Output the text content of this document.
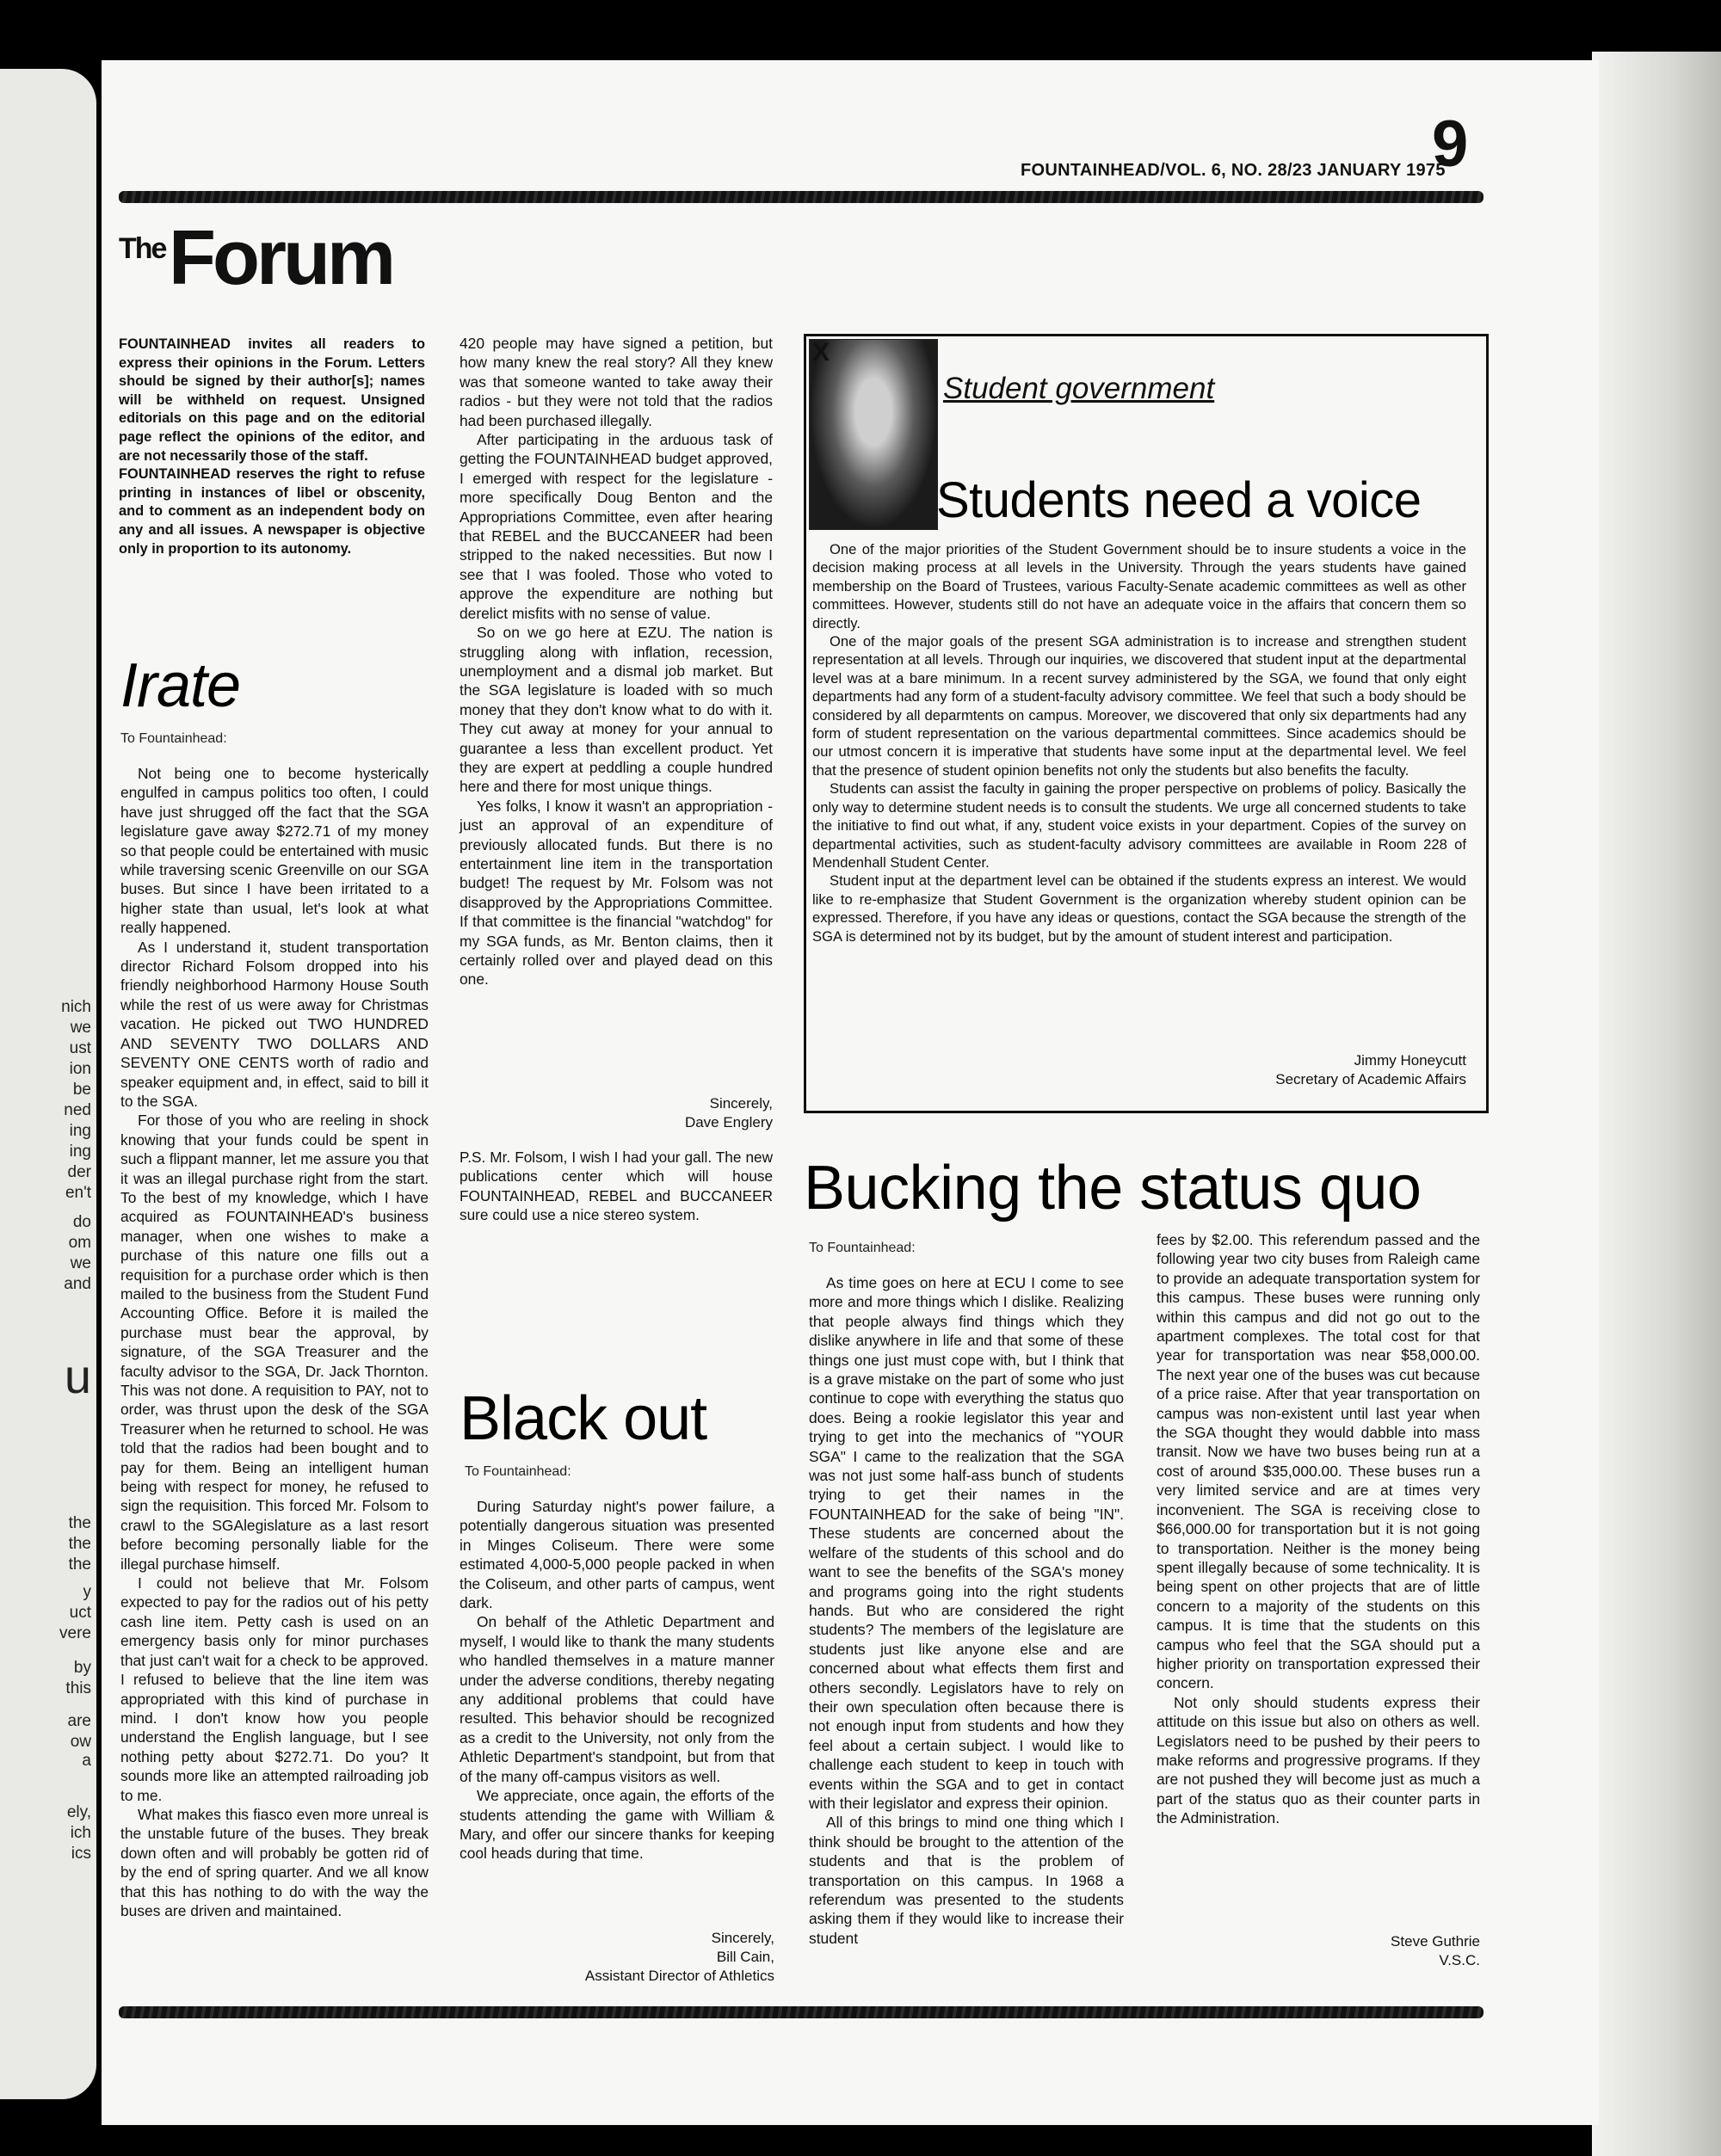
nich
we
ust
ion
be
ned
ing
ing
der
en't
do
om
we
and
u
the
the
the
y
uct
vere
by
this
are
ow
a
ely,
ich
ics
FOUNTAINHEAD/VOL. 6, NO. 28/23 JANUARY 1975
9
The Forum

FOUNTAINHEAD invites all readers to express their opinions in the Forum. Letters should be signed by their author[s]; names will be withheld on request. Unsigned editorials on this page and on the editorial page reflect the opinions of the editor, and are not necessarily those of the staff.

FOUNTAINHEAD reserves the right to refuse printing in instances of libel or obscenity, and to comment as an independent body on any and all issues. A newspaper is objective only in proportion to its autonomy.

Irate
To Fountainhead:

Not being one to become hysterically engulfed in campus politics too often, I could have just shrugged off the fact that the SGA legislature gave away $272.71 of my money so that people could be entertained with music while traversing scenic Greenville on our SGA buses. But since I have been irritated to a higher state than usual, let's look at what really happened.

As I understand it, student transportation director Richard Folsom dropped into his friendly neighborhood Harmony House South while the rest of us were away for Christmas vacation. He picked out TWO HUNDRED AND SEVENTY TWO DOLLARS AND SEVENTY ONE CENTS worth of radio and speaker equipment and, in effect, said to bill it to the SGA.

For those of you who are reeling in shock knowing that your funds could be spent in such a flippant manner, let me assure you that it was an illegal purchase right from the start. To the best of my knowledge, which I have acquired as FOUNTAINHEAD's business manager, when one wishes to make a purchase of this nature one fills out a requisition for a purchase order which is then mailed to the business from the Student Fund Accounting Office. Before it is mailed the purchase must bear the approval, by signature, of the SGA Treasurer and the faculty advisor to the SGA, Dr. Jack Thornton. This was not done. A requisition to PAY, not to order, was thrust upon the desk of the SGA Treasurer when he returned to school. He was told that the radios had been bought and to pay for them. Being an intelligent human being with respect for money, he refused to sign the requisition. This forced Mr. Folsom to crawl to the SGAlegislature as a last resort before becoming personally liable for the illegal purchase himself.

I could not believe that Mr. Folsom expected to pay for the radios out of his petty cash line item. Petty cash is used on an emergency basis only for minor purchases that just can't wait for a check to be approved. I refused to believe that the line item was appropriated with this kind of purchase in mind. I don't know how you people understand the English language, but I see nothing petty about $272.71. Do you? It sounds more like an attempted railroading job to me.

What makes this fiasco even more unreal is the unstable future of the buses. They break down often and will probably be gotten rid of by the end of spring quarter. And we all know that this has nothing to do with the way the buses are driven and maintained.

420 people may have signed a petition, but how many knew the real story? All they knew was that someone wanted to take away their radios - but they were not told that the radios had been purchased illegally.

After participating in the arduous task of getting the FOUNTAINHEAD budget approved, I emerged with respect for the legislature - more specifically Doug Benton and the Appropriations Committee, even after hearing that REBEL and the BUCCANEER had been stripped to the naked necessities. But now I see that I was fooled. Those who voted to approve the expenditure are nothing but derelict misfits with no sense of value.

So on we go here at EZU. The nation is struggling along with inflation, recession, unemployment and a dismal job market. But the SGA legislature is loaded with so much money that they don't know what to do with it. They cut away at money for your annual to guarantee a less than excellent product. Yet they are expert at peddling a couple hundred here and there for most unique things.

Yes folks, I know it wasn't an appropriation - just an approval of an expenditure of previously allocated funds. But there is no entertainment line item in the transportation budget! The request by Mr. Folsom was not disapproved by the Appropriations Committee. If that committee is the financial "watchdog" for my SGA funds, as Mr. Benton claims, then it certainly rolled over and played dead on this one.

Sincerely,
Dave Englery

P.S. Mr. Folsom, I wish I had your gall. The new publications center which will house FOUNTAINHEAD, REBEL and BUCCANEER sure could use a nice stereo system.

Black out
To Fountainhead:

During Saturday night's power failure, a potentially dangerous situation was presented in Minges Coliseum. There were some estimated 4,000-5,000 people packed in when the Coliseum, and other parts of campus, went dark.

On behalf of the Athletic Department and myself, I would like to thank the many students who handled themselves in a mature manner under the adverse conditions, thereby negating any additional problems that could have resulted. This behavior should be recognized as a credit to the University, not only from the Athletic Department's standpoint, but from that of the many off-campus visitors as well.

We appreciate, once again, the efforts of the students attending the game with William & Mary, and offer our sincere thanks for keeping cool heads during that time.

Sincerely,
Bill Cain,
Assistant Director of Athletics
X
Student government
Students need a voice

One of the major priorities of the Student Government should be to insure students a voice in the decision making process at all levels in the University. Through the years students have gained membership on the Board of Trustees, various Faculty-Senate academic committees as well as other committees. However, students still do not have an adequate voice in the affairs that concern them so directly.

One of the major goals of the present SGA administration is to increase and strengthen student representation at all levels. Through our inquiries, we discovered that student input at the departmental level was at a bare minimum. In a recent survey administered by the SGA, we found that only eight departments had any form of a student-faculty advisory committee. We feel that such a body should be considered by all deparmtents on campus. Moreover, we discovered that only six departments had any form of student representation on the various departmental committees. Since academics should be our utmost concern it is imperative that students have some input at the departmental level. We feel that the presence of student opinion benefits not only the students but also benefits the faculty.

Students can assist the faculty in gaining the proper perspective on problems of policy. Basically the only way to determine student needs is to consult the students. We urge all concerned students to take the initiative to find out what, if any, student voice exists in your department. Copies of the survey on departmental activities, such as student-faculty advisory committees are available in Room 228 of Mendenhall Student Center.

Student input at the department level can be obtained if the students express an interest. We would like to re-emphasize that Student Government is the organization whereby student opinion can be expressed. Therefore, if you have any ideas or questions, contact the SGA because the strength of the SGA is determined not by its budget, but by the amount of student interest and participation.

Jimmy Honeycutt
Secretary of Academic Affairs
Bucking the status quo
To Fountainhead:

As time goes on here at ECU I come to see more and more things which I dislike. Realizing that people always find things which they dislike anywhere in life and that some of these things one just must cope with, but I think that is a grave mistake on the part of some who just continue to cope with everything the status quo does. Being a rookie legislator this year and trying to get into the mechanics of "YOUR SGA" I came to the realization that the SGA was not just some half-ass bunch of students trying to get their names in the FOUNTAINHEAD for the sake of being "IN". These students are concerned about the welfare of the students of this school and do want to see the benefits of the SGA's money and programs going into the right students hands. But who are considered the right students? The members of the legislature are students just like anyone else and are concerned about what effects them first and others secondly. Legislators have to rely on their own speculation often because there is not enough input from students and how they feel about a certain subject. I would like to challenge each student to keep in touch with events within the SGA and to get in contact with their legislator and express their opinion.

All of this brings to mind one thing which I think should be brought to the attention of the students and that is the problem of transportation on this campus. In 1968 a referendum was presented to the students asking them if they would like to increase their student

fees by $2.00. This referendum passed and the following year two city buses from Raleigh came to provide an adequate transportation system for this campus. These buses were running only within this campus and did not go out to the apartment complexes. The total cost for that year for transportation was near $58,000.00. The next year one of the buses was cut because of a price raise. After that year transportation on campus was non-existent until last year when the SGA thought they would dabble into mass transit. Now we have two buses being run at a cost of around $35,000.00. These buses run a very limited service and are at times very inconvenient. The SGA is receiving close to $66,000.00 for transportation but it is not going to transportation. Neither is the money being spent illegally because of some technicality. It is being spent on other projects that are of little concern to a majority of the students on this campus. It is time that the students on this campus who feel that the SGA should put a higher priority on transportation expressed their concern.

Not only should students express their attitude on this issue but also on others as well. Legislators need to be pushed by their peers to make reforms and progressive programs. If they are not pushed they will become just as much a part of the status quo as their counter parts in the Administration.

Steve Guthrie
V.S.C.
